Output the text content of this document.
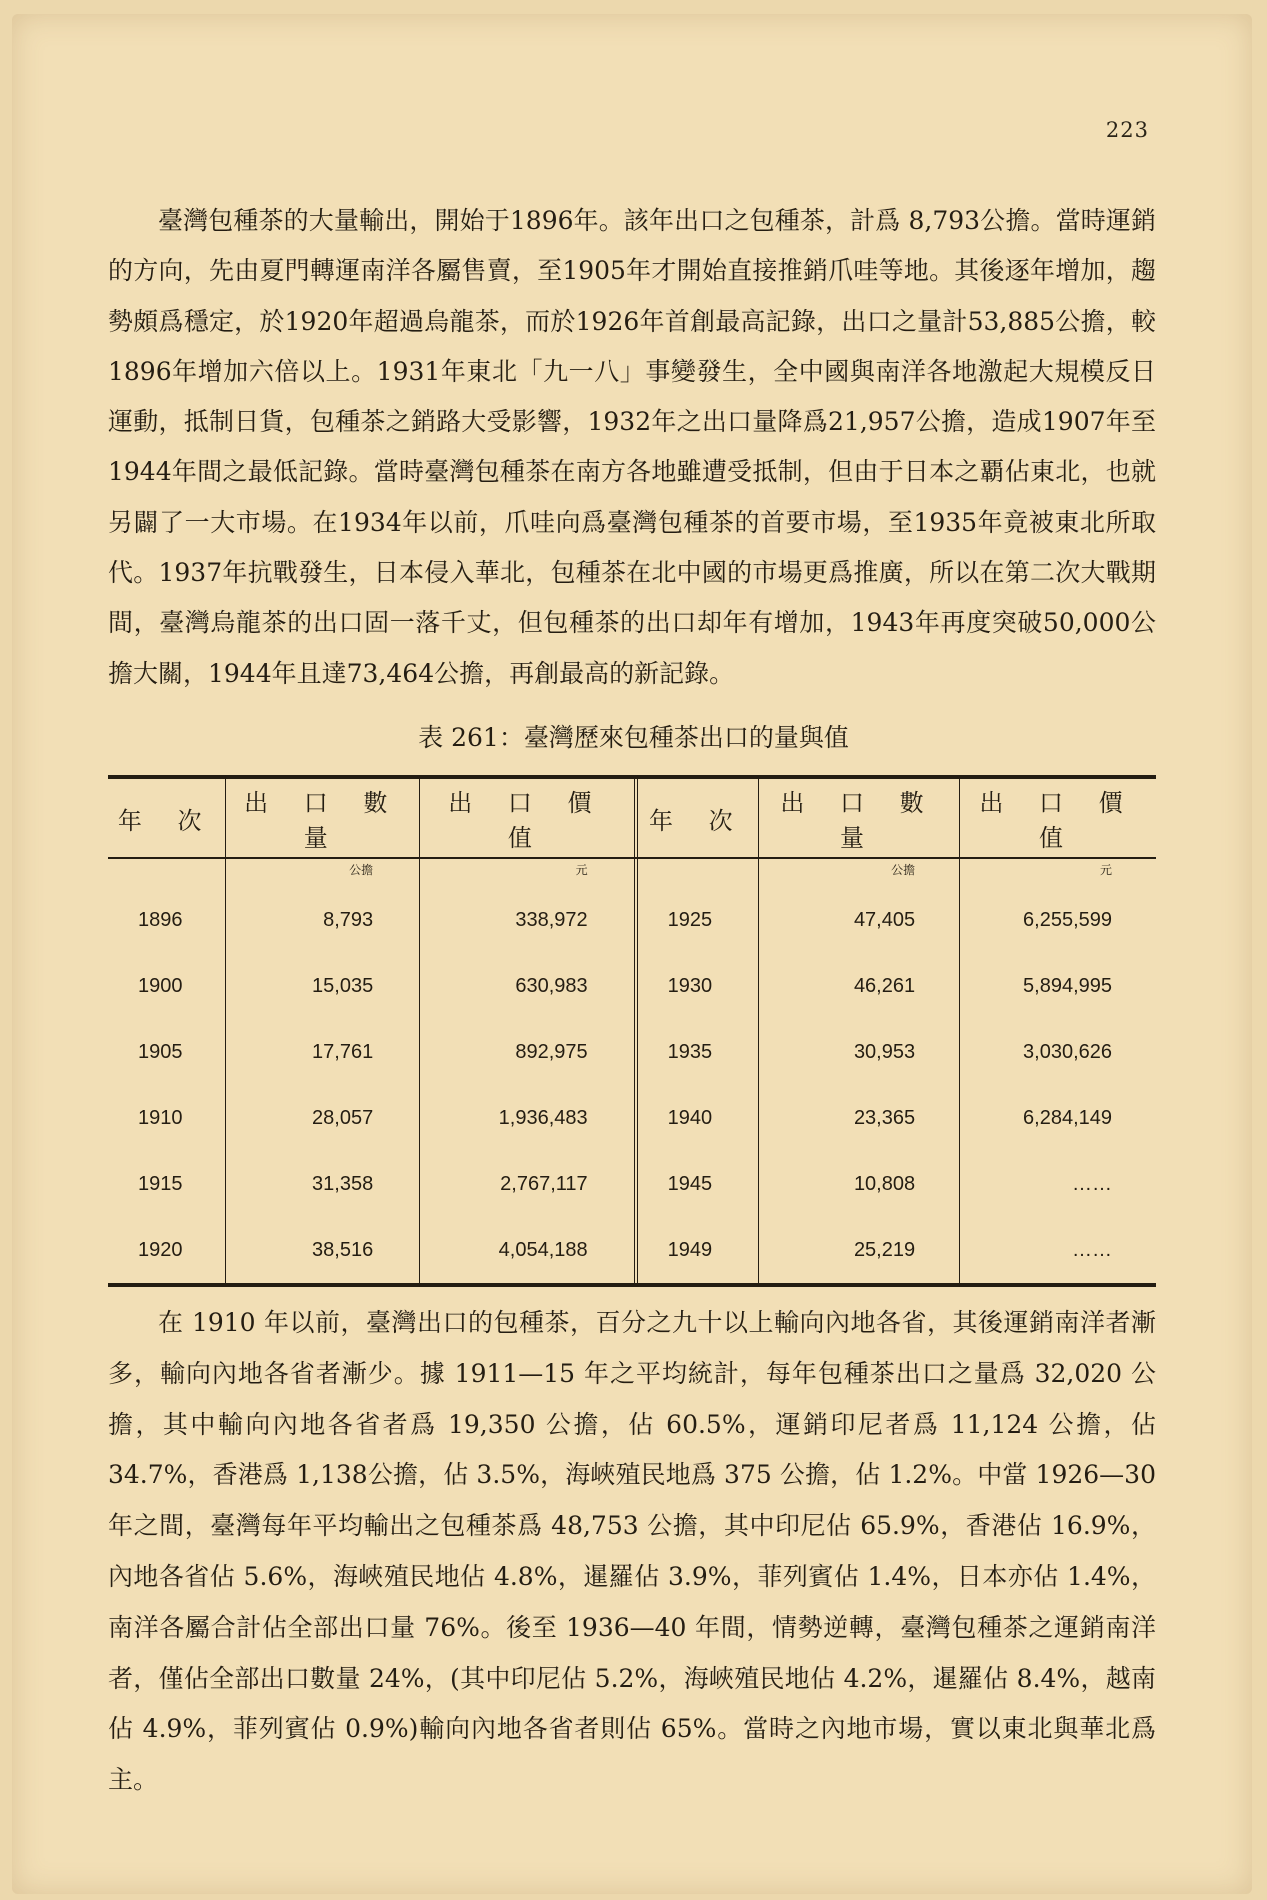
223

臺灣包種茶的大量輸出，開始于1896年。該年出口之包種茶，計爲 8,793公擔。當時運銷的方向，先由夏門轉運南洋各屬售賣，至1905年才開始直接推銷爪哇等地。其後逐年增加，趨勢頗爲穩定，於1920年超過烏龍茶，而於1926年首創最高記錄，出口之量計53,885公擔，較1896年增加六倍以上。1931年東北「九一八」事變發生，全中國與南洋各地激起大規模反日運動，抵制日貨，包種茶之銷路大受影響，1932年之出口量降爲21,957公擔，造成1907年至1944年間之最低記錄。當時臺灣包種茶在南方各地雖遭受抵制，但由于日本之覇佔東北，也就另闢了一大市場。在1934年以前，爪哇向爲臺灣包種茶的首要市場，至1935年竟被東北所取代。1937年抗戰發生，日本侵入華北，包種茶在北中國的市場更爲推廣，所以在第二次大戰期間，臺灣烏龍茶的出口固一落千丈，但包種茶的出口却年有增加，1943年再度突破50,000公擔大關，1944年且達73,464公擔，再創最高的新記錄。

表 261：臺灣歷來包種茶出口的量與值
年 次	出 口 數 量	出 口 價 值	年 次	出 口 數 量	出 口 價 值
	公擔	元		公擔	元
1896	8,793	338,972	1925	47,405	6,255,599
1900	15,035	630,983	1930	46,261	5,894,995
1905	17,761	892,975	1935	30,953	3,030,626
1910	28,057	1,936,483	1940	23,365	6,284,149
1915	31,358	2,767,117	1945	10,808	……
1920	38,516	4,054,188	1949	25,219	……

在 1910 年以前，臺灣出口的包種茶，百分之九十以上輸向內地各省，其後運銷南洋者漸多，輸向內地各省者漸少。據 1911—15 年之平均統計，每年包種茶出口之量爲 32,020 公擔，其中輸向內地各省者爲 19,350 公擔，佔 60.5%，運銷印尼者爲 11,124 公擔，佔 34.7%，香港爲 1,138公擔，佔 3.5%，海峽殖民地爲 375 公擔，佔 1.2%。中當 1926—30 年之間，臺灣每年平均輸出之包種茶爲 48,753 公擔，其中印尼佔 65.9%，香港佔 16.9%，內地各省佔 5.6%，海峽殖民地佔 4.8%，暹羅佔 3.9%，菲列賓佔 1.4%，日本亦佔 1.4%，南洋各屬合計佔全部出口量 76%。後至 1936—40 年間，情勢逆轉，臺灣包種茶之運銷南洋者，僅佔全部出口數量 24%，(其中印尼佔 5.2%，海峽殖民地佔 4.2%，暹羅佔 8.4%，越南佔 4.9%，菲列賓佔 0.9%)輸向內地各省者則佔 65%。當時之內地市場，實以東北與華北爲主。
